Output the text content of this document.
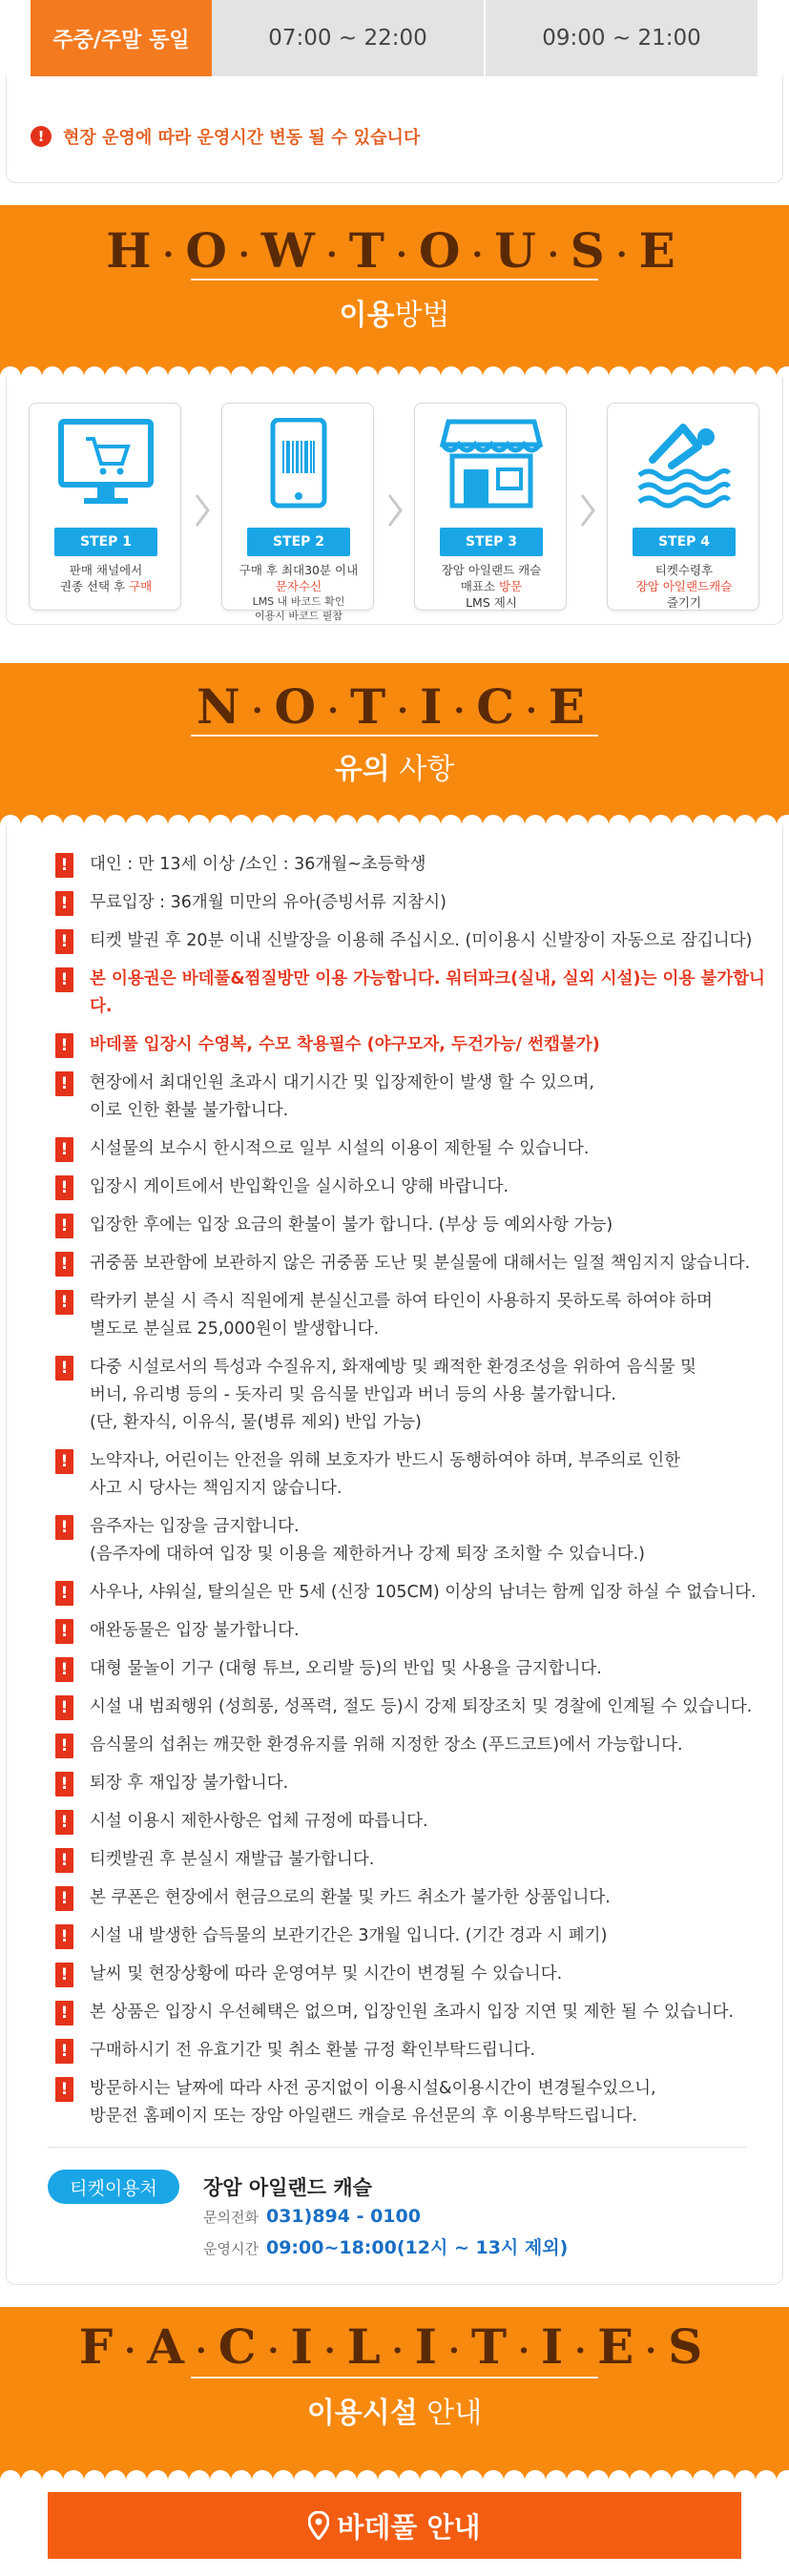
주중/주말 동일	07:00 ~ 22:00	09:00 ~ 21:00
!	현장 운영에 따라 운영시간 변동 될 수 있습니다
H ·O ·W ·T ·O ·U ·S ·E
이용방법
STEP 1
판매 채널에서
권종 선택 후 구매
STEP 2
구매 후 최대30분 이내
문자수신
LMS 내 바코드 확인
이용시 바코드 필참
STEP 3
장암 아일랜드 캐슬
매표소 방문
LMS 제시
STEP 4
티켓수령후
장암 아일랜드캐슬
즐기기
N ·O ·T ·I ·C ·E
유의 사항
!	대인 : 만 13세 이상 /소인 : 36개월~초등학생
!	무료입장 : 36개월 미만의 유아(증빙서류 지참시)
!	티켓 발권 후 20분 이내 신발장을 이용해 주십시오. (미이용시 신발장이 자동으로 잠깁니다)
!	본 이용권은 바데풀&찜질방만 이용 가능합니다. 워터파크(실내, 실외 시설)는 이용 불가합니다.
!	바데풀 입장시 수영복, 수모 착용필수 (야구모자, 두건가능/ 썬캡불가)
!	현장에서 최대인원 초과시 대기시간 및 입장제한이 발생 할 수 있으며,
이로 인한 환불 불가합니다.
!	시설물의 보수시 한시적으로 일부 시설의 이용이 제한될 수 있습니다.
!	입장시 게이트에서 반입확인을 실시하오니 양해 바랍니다.
!	입장한 후에는 입장 요금의 환불이 불가 합니다. (부상 등 예외사항 가능)
!	귀중품 보관함에 보관하지 않은 귀중품 도난 및 분실물에 대해서는 일절 책임지지 않습니다.
!	락카키 분실 시 즉시 직원에게 분실신고를 하여 타인이 사용하지 못하도록 하여야 하며
별도로 분실료 25,000원이 발생합니다.
!	다중 시설로서의 특성과 수질유지, 화재예방 및 쾌적한 환경조성을 위하여 음식물 및
버너, 유리병 등의 - 돗자리 및 음식물 반입과 버너 등의 사용 불가합니다.
(단, 환자식, 이유식, 물(병류 제외) 반입 가능)
!	노약자나, 어린이는 안전을 위해 보호자가 반드시 동행하여야 하며, 부주의로 인한
사고 시 당사는 책임지지 않습니다.
!	음주자는 입장을 금지합니다.
(음주자에 대하여 입장 및 이용을 제한하거나 강제 퇴장 조치할 수 있습니다.)
!	사우나, 샤워실, 탈의실은 만 5세 (신장 105CM) 이상의 남녀는 함께 입장 하실 수 없습니다.
!	애완동물은 입장 불가합니다.
!	대형 물놀이 기구 (대형 튜브, 오리발 등)의 반입 및 사용을 금지합니다.
!	시설 내 범죄행위 (성희롱, 성폭력, 절도 등)시 강제 퇴장조치 및 경찰에 인계될 수 있습니다.
!	음식물의 섭취는 깨끗한 환경유지를 위해 지정한 장소 (푸드코트)에서 가능합니다.
!	퇴장 후 재입장 불가합니다.
!	시설 이용시 제한사항은 업체 규정에 따릅니다.
!	티켓발권 후 분실시 재발급 불가합니다.
!	본 쿠폰은 현장에서 현금으로의 환불 및 카드 취소가 불가한 상품입니다.
!	시설 내 발생한 습득물의 보관기간은 3개월 입니다. (기간 경과 시 폐기)
!	날씨 및 현장상황에 따라 운영여부 및 시간이 변경될 수 있습니다.
!	본 상품은 입장시 우선혜택은 없으며, 입장인원 초과시 입장 지연 및 제한 될 수 있습니다.
!	구매하시기 전 유효기간 및 취소 환불 규정 확인부탁드립니다.
!	방문하시는 날짜에 따라 사전 공지없이 이용시설&이용시간이 변경될수있으니,
방문전 홈페이지 또는 장암 아일랜드 캐슬로 유선문의 후 이용부탁드립니다.
티켓이용처	장암 아일랜드 캐슬
문의전화 031)894 - 0100
운영시간 09:00~18:00(12시 ~ 13시 제외)
F ·A ·C ·I ·L ·I ·T ·I ·E ·S
이용시설 안내
바데풀 안내
